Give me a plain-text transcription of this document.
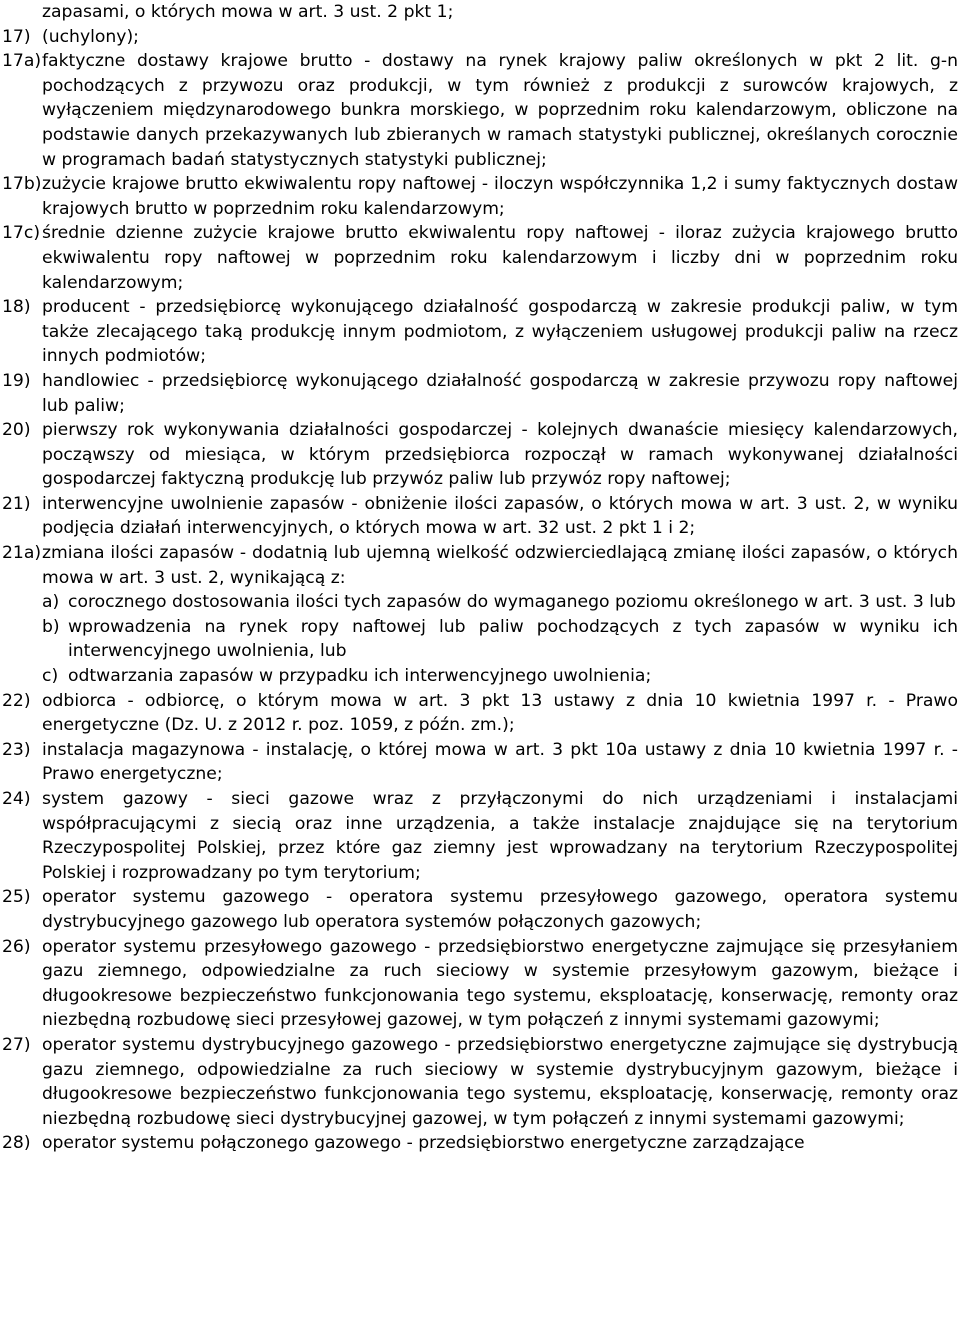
zapasami, o których mowa w art. 3 ust. 2 pkt 1;

17) (uchylony);
17a) faktyczne dostawy krajowe brutto - dostawy na rynek krajowy paliw określonych w pkt 2 lit. g-n pochodzących z przywozu oraz produkcji, w tym również z produkcji z surowców krajowych, z wyłączeniem międzynarodowego bunkra morskiego, w poprzednim roku kalendarzowym, obliczone na podstawie danych przekazywanych lub zbieranych w ramach statystyki publicznej, określanych corocznie w programach badań statystycznych statystyki publicznej;
17b) zużycie krajowe brutto ekwiwalentu ropy naftowej - iloczyn współczynnika 1,2 i sumy faktycznych dostaw krajowych brutto w poprzednim roku kalendarzowym;
17c) średnie dzienne zużycie krajowe brutto ekwiwalentu ropy naftowej - iloraz zużycia krajowego brutto ekwiwalentu ropy naftowej w poprzednim roku kalendarzowym i liczby dni w poprzednim roku kalendarzowym;
18) producent - przedsiębiorcę wykonującego działalność gospodarczą w zakresie produkcji paliw, w tym także zlecającego taką produkcję innym podmiotom, z wyłączeniem usługowej produkcji paliw na rzecz innych podmiotów;
19) handlowiec - przedsiębiorcę wykonującego działalność gospodarczą w zakresie przywozu ropy naftowej lub paliw;
20) pierwszy rok wykonywania działalności gospodarczej - kolejnych dwanaście miesięcy kalendarzowych, począwszy od miesiąca, w którym przedsiębiorca rozpoczął w ramach wykonywanej działalności gospodarczej faktyczną produkcję lub przywóz paliw lub przywóz ropy naftowej;
21) interwencyjne uwolnienie zapasów - obniżenie ilości zapasów, o których mowa w art. 3 ust. 2, w wyniku podjęcia działań interwencyjnych, o których mowa w art. 32 ust. 2 pkt 1 i 2;
21a) zmiana ilości zapasów - dodatnią lub ujemną wielkość odzwierciedlającą zmianę ilości zapasów, o których mowa w art. 3 ust. 2, wynikającą z:
a) corocznego dostosowania ilości tych zapasów do wymaganego poziomu określonego w art. 3 ust. 3 lub
b) wprowadzenia na rynek ropy naftowej lub paliw pochodzących z tych zapasów w wyniku ich interwencyjnego uwolnienia, lub
c) odtwarzania zapasów w przypadku ich interwencyjnego uwolnienia;
22) odbiorca - odbiorcę, o którym mowa w art. 3 pkt 13 ustawy z dnia 10 kwietnia 1997 r. - Prawo energetyczne (Dz. U. z 2012 r. poz. 1059, z późn. zm.);
23) instalacja magazynowa - instalację, o której mowa w art. 3 pkt 10a ustawy z dnia 10 kwietnia 1997 r. - Prawo energetyczne;
24) system gazowy - sieci gazowe wraz z przyłączonymi do nich urządzeniami i instalacjami współpracującymi z siecią oraz inne urządzenia, a także instalacje znajdujące się na terytorium Rzeczypospolitej Polskiej, przez które gaz ziemny jest wprowadzany na terytorium Rzeczypospolitej Polskiej i rozprowadzany po tym terytorium;
25) operator systemu gazowego - operatora systemu przesyłowego gazowego, operatora systemu dystrybucyjnego gazowego lub operatora systemów połączonych gazowych;
26) operator systemu przesyłowego gazowego - przedsiębiorstwo energetyczne zajmujące się przesyłaniem gazu ziemnego, odpowiedzialne za ruch sieciowy w systemie przesyłowym gazowym, bieżące i długookresowe bezpieczeństwo funkcjonowania tego systemu, eksploatację, konserwację, remonty oraz niezbędną rozbudowę sieci przesyłowej gazowej, w tym połączeń z innymi systemami gazowymi;
27) operator systemu dystrybucyjnego gazowego - przedsiębiorstwo energetyczne zajmujące się dystrybucją gazu ziemnego, odpowiedzialne za ruch sieciowy w systemie dystrybucyjnym gazowym, bieżące i długookresowe bezpieczeństwo funkcjonowania tego systemu, eksploatację, konserwację, remonty oraz niezbędną rozbudowę sieci dystrybucyjnej gazowej, w tym połączeń z innymi systemami gazowymi;
28) operator systemu połączonego gazowego - przedsiębiorstwo energetyczne zarządzające
